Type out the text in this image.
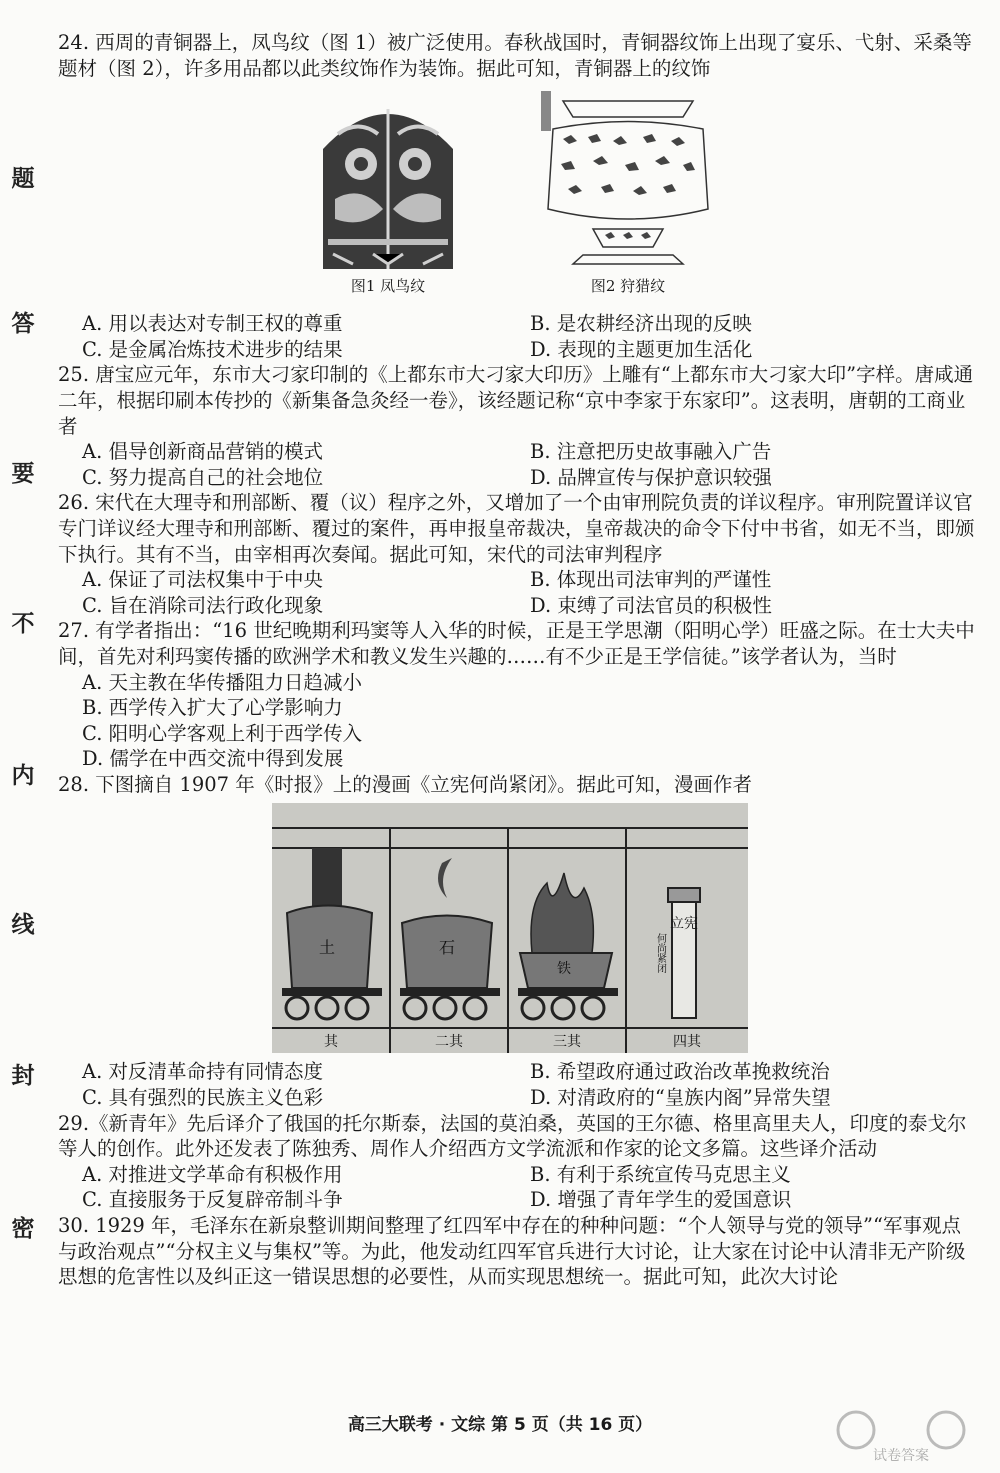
题
答
要
不
内
线
封
密

24. 西周的青铜器上，凤鸟纹（图 1）被广泛使用。春秋战国时，青铜器纹饰上出现了宴乐、弋射、采桑等题材（图 2），许多用品都以此类纹饰作为装饰。据此可知，青铜器上的纹饰

图1 凤鸟纹	图2 狩猎纹
A. 用以表达对专制王权的尊重	B. 是农耕经济出现的反映
C. 是金属冶炼技术进步的结果	D. 表现的主题更加生活化

25. 唐宝应元年，东市大刁家印制的《上都东市大刁家大印历》上雕有“上都东市大刁家大印”字样。唐咸通二年，根据印刷本传抄的《新集备急灸经一卷》，该经题记称“京中李家于东家印”。这表明，唐朝的工商业者

A. 倡导创新商品营销的模式	B. 注意把历史故事融入广告
C. 努力提高自己的社会地位	D. 品牌宣传与保护意识较强

26. 宋代在大理寺和刑部断、覆（议）程序之外，又增加了一个由审刑院负责的详议程序。审刑院置详议官专门详议经大理寺和刑部断、覆过的案件，再申报皇帝裁决，皇帝裁决的命令下付中书省，如无不当，即颁下执行。其有不当，由宰相再次奏闻。据此可知，宋代的司法审判程序

A. 保证了司法权集中于中央	B. 体现出司法审判的严谨性
C. 旨在消除司法行政化现象	D. 束缚了司法官员的积极性

27. 有学者指出：“16 世纪晚期利玛窦等人入华的时候，正是王学思潮（阳明心学）旺盛之际。在士大夫中间，首先对利玛窦传播的欧洲学术和教义发生兴趣的……有不少正是王学信徒。”该学者认为，当时

A. 天主教在华传播阻力日趋减小
B. 西学传入扩大了心学影响力
C. 阳明心学客观上利于西学传入
D. 儒学在中西交流中得到发展

28. 下图摘自 1907 年《时报》上的漫画《立宪何尚紧闭》。据此可知，漫画作者

立宪
何尚紧闭
土	石
铁
其	二其	三其	四其
A. 对反清革命持有同情态度	B. 希望政府通过政治改革挽救统治
C. 具有强烈的民族主义色彩	D. 对清政府的“皇族内阁”异常失望

29.《新青年》先后译介了俄国的托尔斯泰，法国的莫泊桑，英国的王尔德、格里高里夫人，印度的泰戈尔等人的创作。此外还发表了陈独秀、周作人介绍西方文学流派和作家的论文多篇。这些译介活动

A. 对推进文学革命有积极作用	B. 有利于系统宣传马克思主义
C. 直接服务于反复辟帝制斗争	D. 增强了青年学生的爱国意识

30. 1929 年，毛泽东在新泉整训期间整理了红四军中存在的种种问题：“个人领导与党的领导”“军事观点与政治观点”“分权主义与集权”等。为此，他发动红四军官兵进行大讨论，让大家在讨论中认清非无产阶级思想的危害性以及纠正这一错误思想的必要性，从而实现思想统一。据此可知，此次大讨论

高三大联考 · 文综 第 5 页（共 16 页）
试卷答案
